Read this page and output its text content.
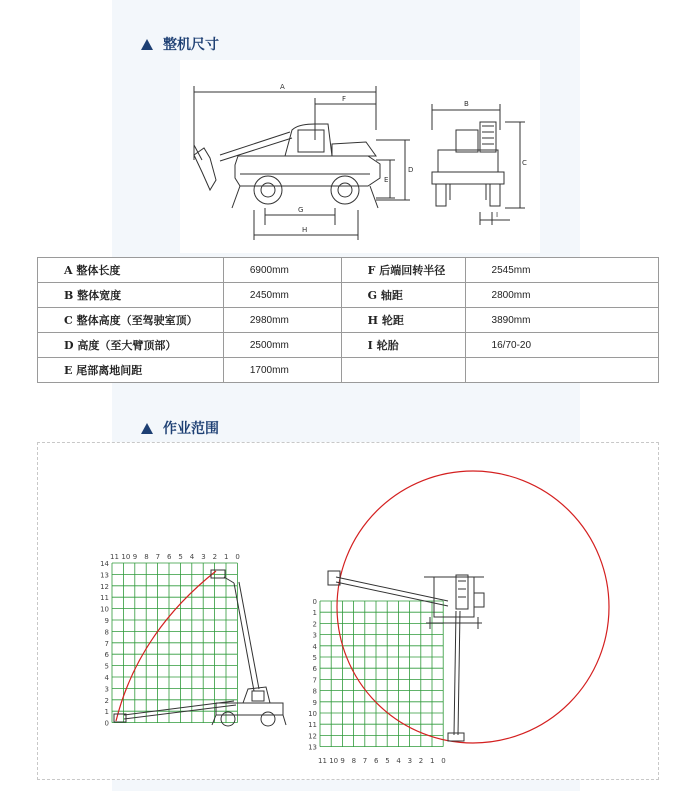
整机尺寸
A
F
D
E
G
H
B
C
I
A 整体长度	6900mm	F 后端回转半径	2545mm
B 整体宽度	2450mm	G 轴距	2800mm
C 整体高度（至驾驶室顶）	2980mm	H 轮距	3890mm
D 高度（至大臂顶部）	2500mm	I 轮胎	16/70-20
E 尾部离地间距	1700mm		
作业范围
11 10 9 8 7 6 5 4 3 2 1 0
14
13
12
11
10
9
8
7
6
5
4
3
2
1
0
11 10 9 8 7 6 5 4 3 2 1 0
0
1
2
3
4
5
6
7
8
9
10
11
12
13
